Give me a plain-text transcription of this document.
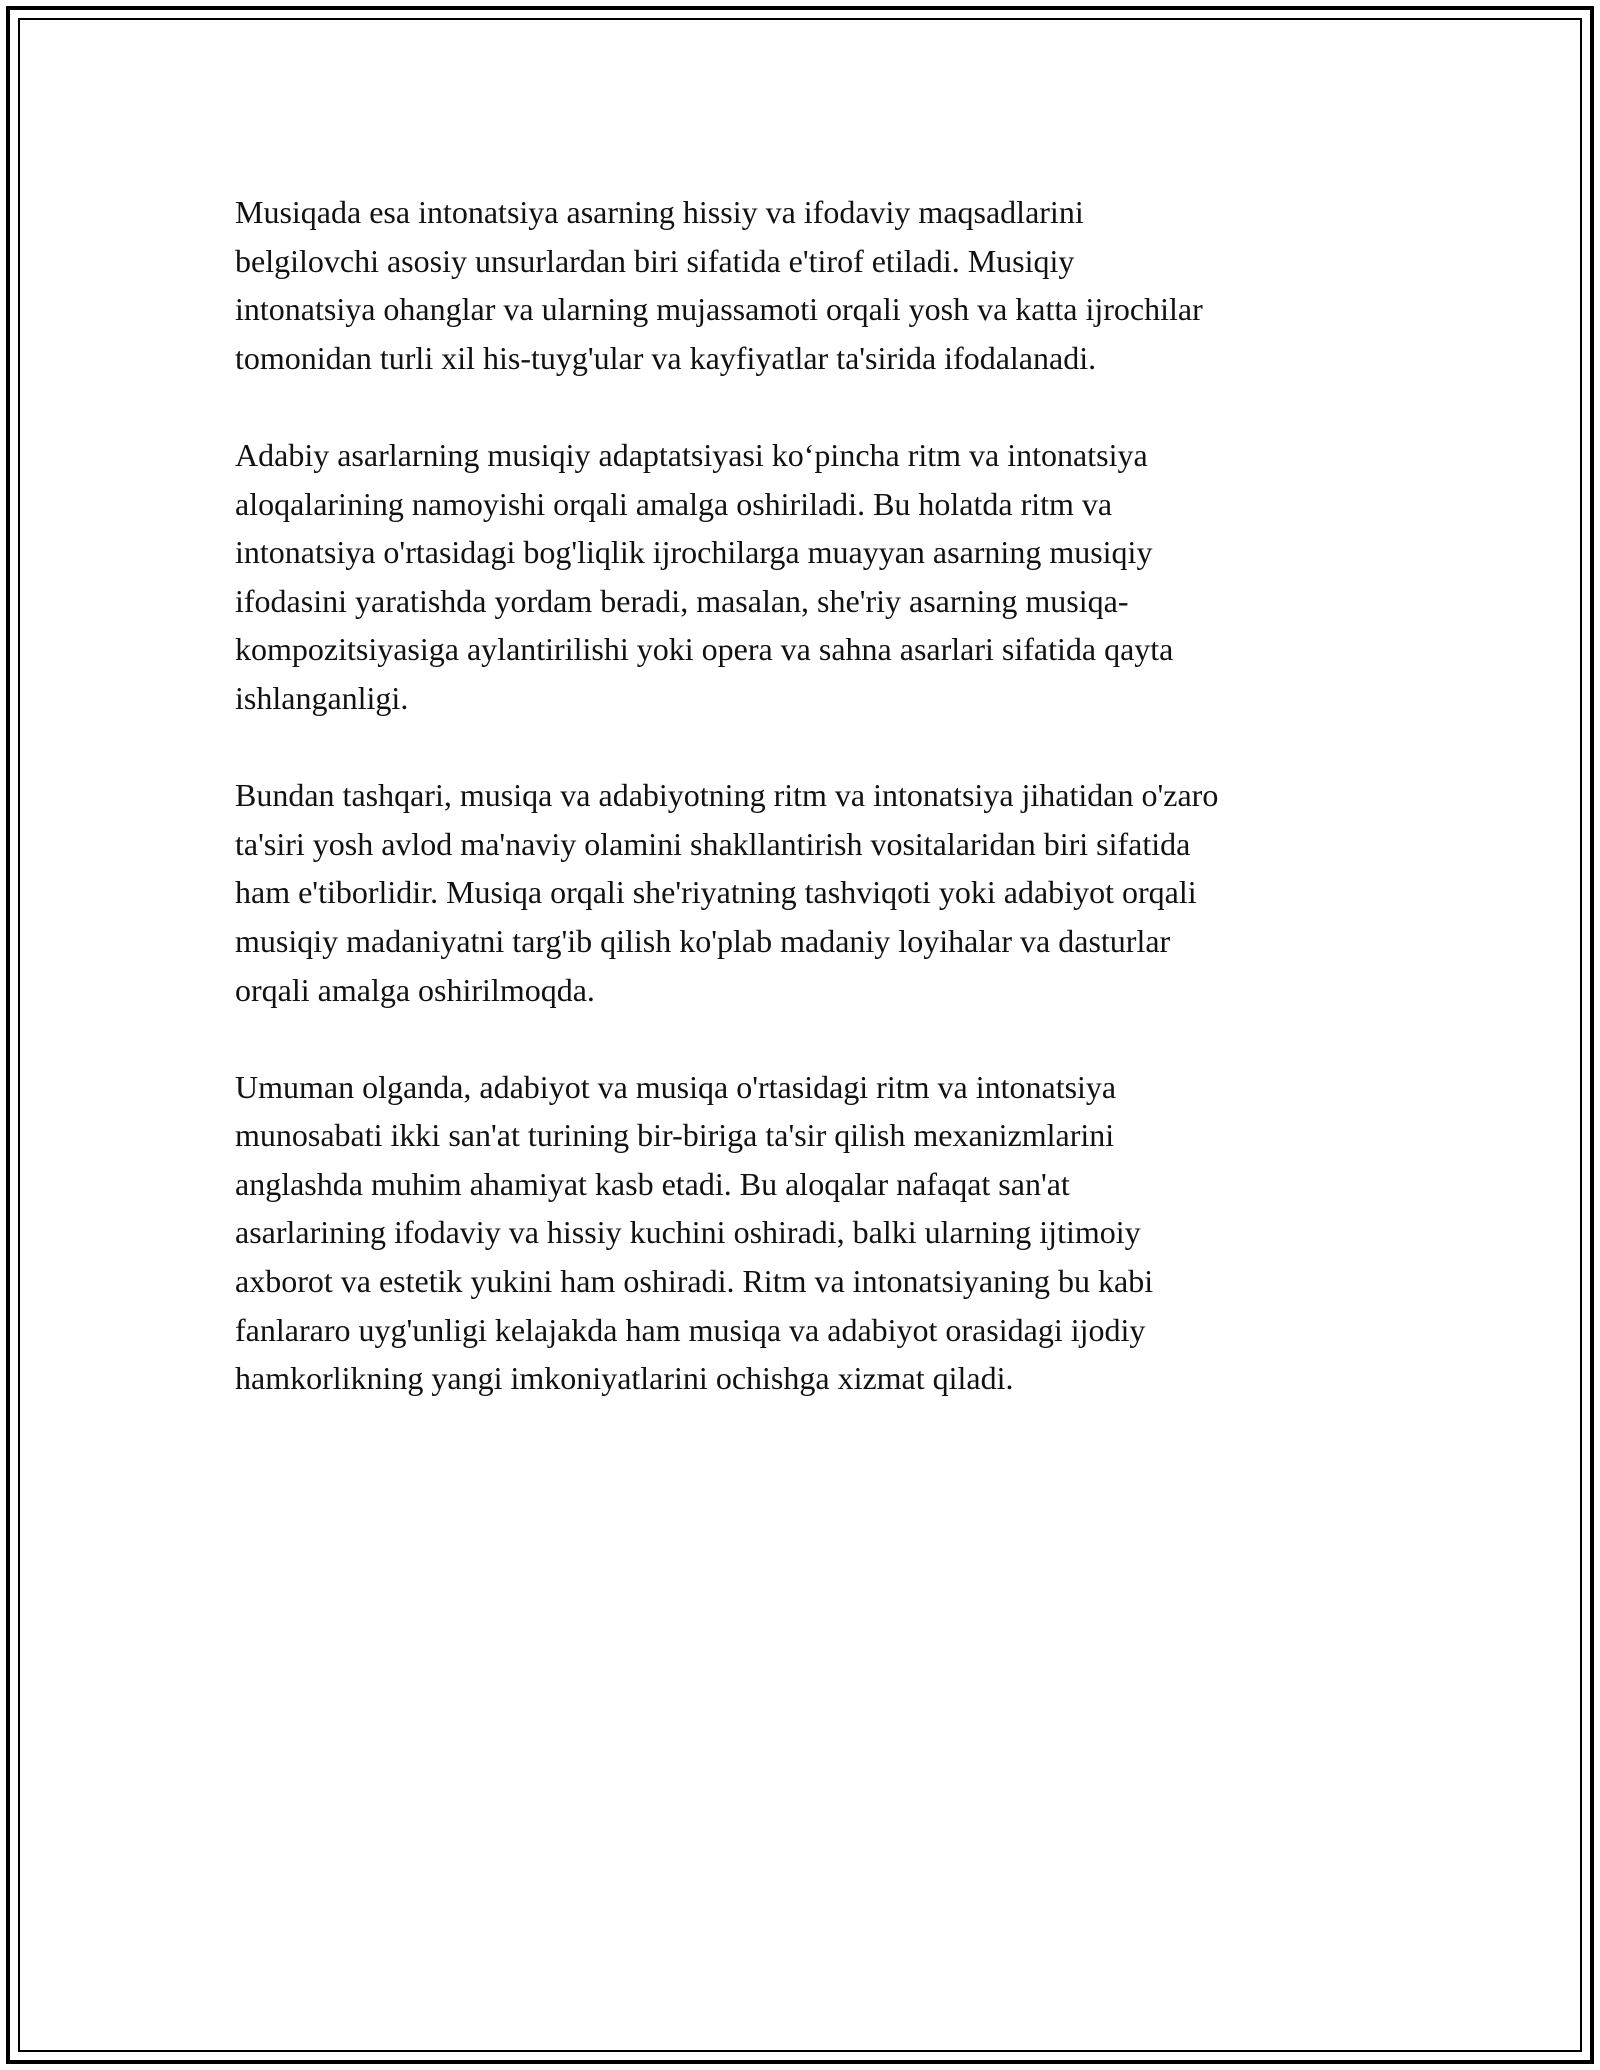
Musiqada esa intonatsiya asarning hissiy va ifodaviy maqsadlarini
belgilovchi asosiy unsurlardan biri sifatida e'tirof etiladi. Musiqiy
intonatsiya ohanglar va ularning mujassamoti orqali yosh va katta ijrochilar
tomonidan turli xil his-tuyg'ular va kayfiyatlar ta'sirida ifodalanadi.

Adabiy asarlarning musiqiy adaptatsiyasi ko‘pincha ritm va intonatsiya
aloqalarining namoyishi orqali amalga oshiriladi. Bu holatda ritm va
intonatsiya o'rtasidagi bog'liqlik ijrochilarga muayyan asarning musiqiy
ifodasini yaratishda yordam beradi, masalan, she'riy asarning musiqa-
kompozitsiyasiga aylantirilishi yoki opera va sahna asarlari sifatida qayta
ishlanganligi.

Bundan tashqari, musiqa va adabiyotning ritm va intonatsiya jihatidan o'zaro
ta'siri yosh avlod ma'naviy olamini shakllantirish vositalaridan biri sifatida
ham e'tiborlidir. Musiqa orqali she'riyatning tashviqoti yoki adabiyot orqali
musiqiy madaniyatni targ'ib qilish ko'plab madaniy loyihalar va dasturlar
orqali amalga oshirilmoqda.

Umuman olganda, adabiyot va musiqa o'rtasidagi ritm va intonatsiya
munosabati ikki san'at turining bir-biriga ta'sir qilish mexanizmlarini
anglashda muhim ahamiyat kasb etadi. Bu aloqalar nafaqat san'at
asarlarining ifodaviy va hissiy kuchini oshiradi, balki ularning ijtimoiy
axborot va estetik yukini ham oshiradi. Ritm va intonatsiyaning bu kabi
fanlararo uyg'unligi kelajakda ham musiqa va adabiyot orasidagi ijodiy
hamkorlikning yangi imkoniyatlarini ochishga xizmat qiladi.
